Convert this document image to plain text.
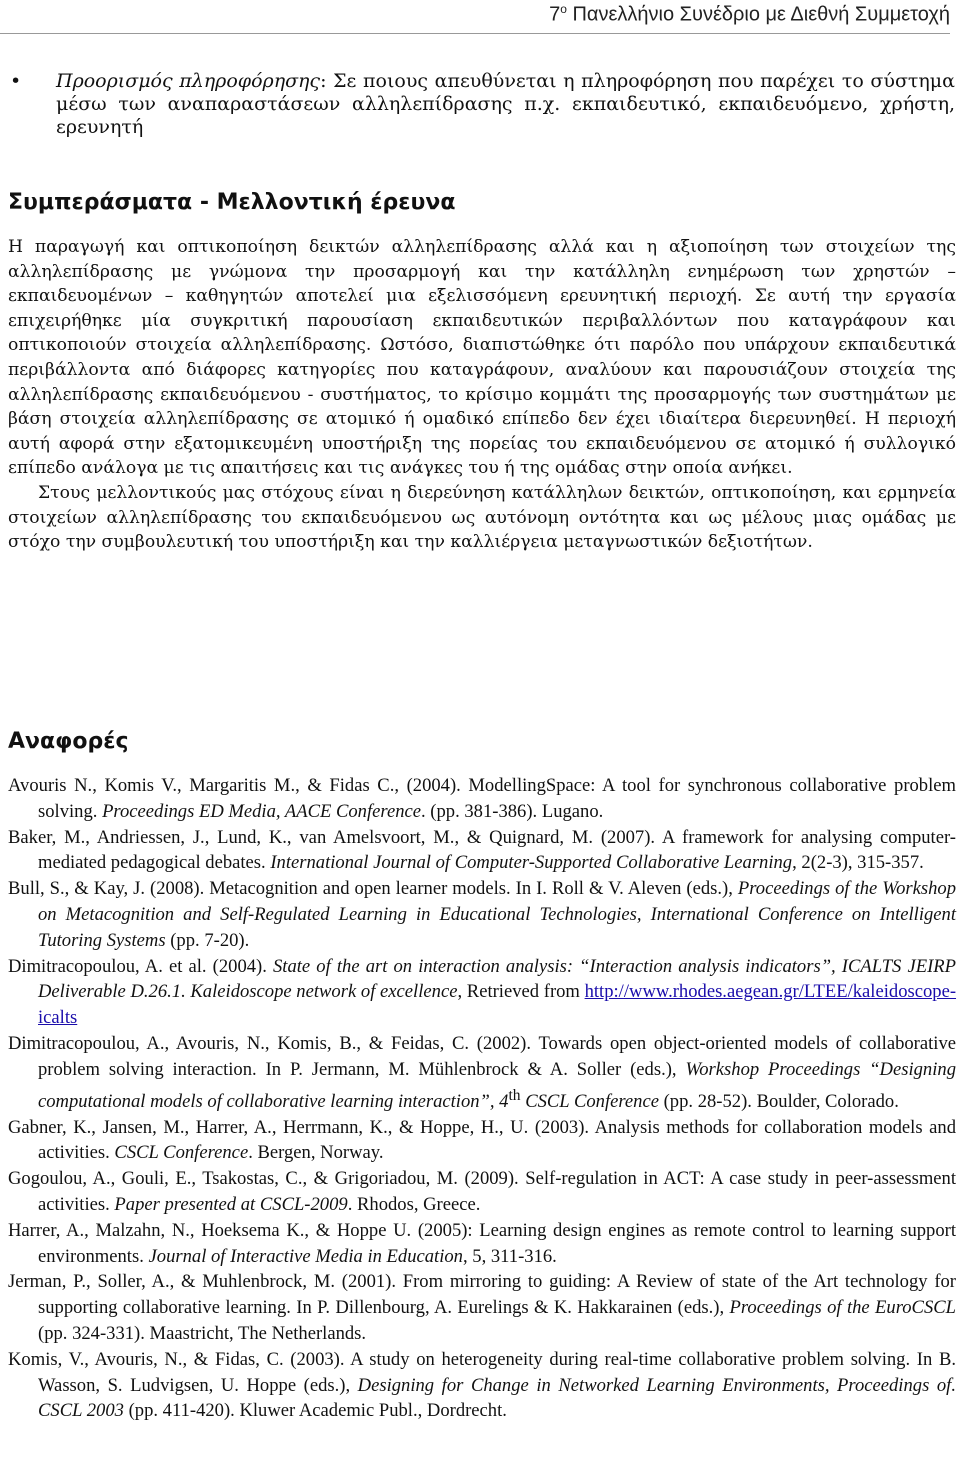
$7^o$ Πανελλήνιο Συνέδριο με Διεθνή Συμμετοχή
• Προορισμός πληροφόρησης: Σε ποιους απευθύνεται η πληροφόρηση που παρέχει το σύστημα μέσω των αναπαραστάσεων αλληλεπίδρασης π.χ. εκπαιδευτικό, εκπαιδευόμενο, χρήστη, ερευνητή
Συμπεράσματα - Μελλοντική έρευνα

Η παραγωγή και οπτικοποίηση δεικτών αλληλεπίδρασης αλλά και η αξιοποίηση των στοιχείων της αλληλεπίδρασης με γνώμονα την προσαρμογή και την κατάλληλη ενημέρωση των χρηστών – εκπαιδευομένων – καθηγητών αποτελεί μια εξελισσόμενη ερευνητική περιοχή. Σε αυτή την εργασία επιχειρήθηκε μία συγκριτική παρουσίαση εκπαιδευτικών περιβαλλόντων που καταγράφουν και οπτικοποιούν στοιχεία αλληλεπίδρασης. Ωστόσο, διαπιστώθηκε ότι παρόλο που υπάρχουν εκπαιδευτικά περιβάλλοντα από διάφορες κατηγορίες που καταγράφουν, αναλύουν και παρουσιάζουν στοιχεία της αλληλεπίδρασης εκπαιδευόμενου - συστήματος, το κρίσιμο κομμάτι της προσαρμογής των συστημάτων με βάση στοιχεία αλληλεπίδρασης σε ατομικό ή ομαδικό επίπεδο δεν έχει ιδιαίτερα διερευνηθεί. Η περιοχή αυτή αφορά στην εξατομικευμένη υποστήριξη της πορείας του εκπαιδευόμενου σε ατομικό ή συλλογικό επίπεδο ανάλογα με τις απαιτήσεις και τις ανάγκες του ή της ομάδας στην οποία ανήκει.

Στους μελλοντικούς μας στόχους είναι η διερεύνηση κατάλληλων δεικτών, οπτικοποίηση, και ερμηνεία στοιχείων αλληλεπίδρασης του εκπαιδευόμενου ως αυτόνομη οντότητα και ως μέλους μιας ομάδας με στόχο την συμβουλευτική του υποστήριξη και την καλλιέργεια μεταγνωστικών δεξιοτήτων.

Αναφορές

Avouris N., Komis V., Margaritis M., & Fidas C., (2004). ModellingSpace: A tool for synchronous collaborative problem solving. Proceedings ED Media, AACE Conference. (pp. 381-386). Lugano.

Baker, M., Andriessen, J., Lund, K., van Amelsvoort, M., & Quignard, M. (2007). A framework for analysing computer-mediated pedagogical debates. International Journal of Computer-Supported Collaborative Learning, 2(2-3), 315-357.

Bull, S., & Kay, J. (2008). Metacognition and open learner models. In I. Roll & V. Aleven (eds.), Proceedings of the Workshop on Metacognition and Self-Regulated Learning in Educational Technologies, International Conference on Intelligent Tutoring Systems (pp. 7-20).

Dimitracopoulou, A. et al. (2004). State of the art on interaction analysis: “Interaction analysis indicators”, ICALTS JEIRP Deliverable D.26.1. Kaleidoscope network of excellence, Retrieved from http://www.rhodes.aegean.gr/LTEE/kaleidoscope-icalts

Dimitracopoulou, A., Avouris, N., Komis, B., & Feidas, C. (2002). Towards open object-oriented models of collaborative problem solving interaction. In P. Jermann, M. Mühlenbrock & A. Soller (eds.), Workshop Proceedings “Designing computational models of collaborative learning interaction”, 4th CSCL Conference (pp. 28-52). Boulder, Colorado.

Gabner, K., Jansen, M., Harrer, A., Herrmann, K., & Hoppe, H., U. (2003). Analysis methods for collaboration models and activities. CSCL Conference. Bergen, Norway.

Gogoulou, A., Gouli, E., Tsakostas, C., & Grigoriadou, M. (2009). Self-regulation in ACT: A case study in peer-assessment activities. Paper presented at CSCL-2009. Rhodos, Greece.

Harrer, A., Malzahn, N., Hoeksema K., & Hoppe U. (2005): Learning design engines as remote control to learning support environments. Journal of Interactive Media in Education, 5, 311-316.

Jerman, P., Soller, A., & Muhlenbrock, M. (2001). From mirroring to guiding: A Review of state of the Art technology for supporting collaborative learning. In P. Dillenbourg, A. Eurelings & K. Hakkarainen (eds.), Proceedings of the EuroCSCL (pp. 324-331). Maastricht, The Netherlands.

Komis, V., Avouris, N., & Fidas, C. (2003). A study on heterogeneity during real-time collaborative problem solving. In B. Wasson, S. Ludvigsen, U. Hoppe (eds.), Designing for Change in Networked Learning Environments, Proceedings of. CSCL 2003 (pp. 411-420). Kluwer Academic Publ., Dordrecht.
